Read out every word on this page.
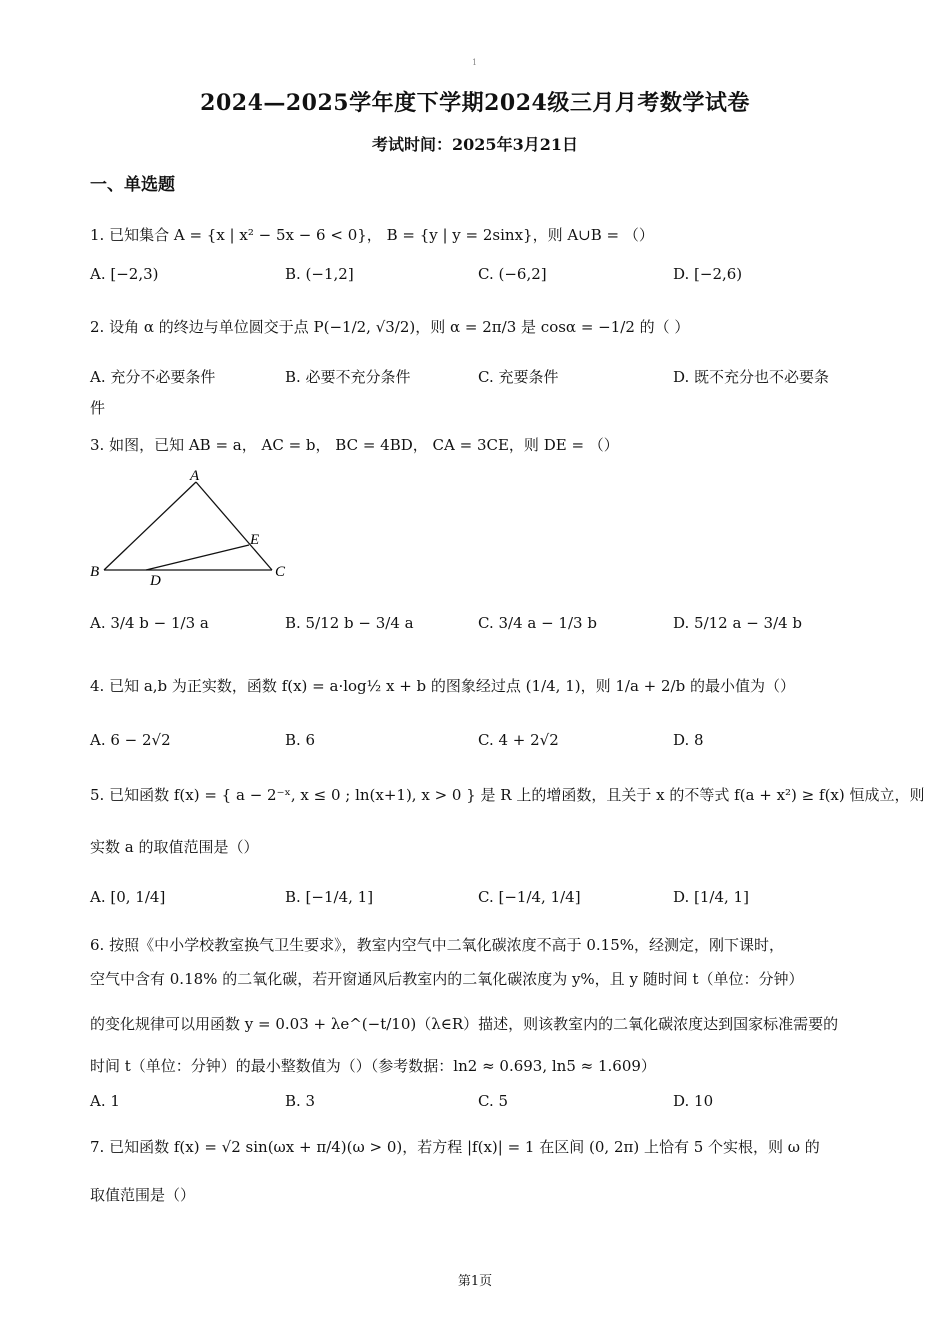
1
2024—2025学年度下学期2024级三月月考数学试卷
考试时间：2025年3月21日
一、单选题
1. 已知集合 A = {x | x² − 5x − 6 < 0}， B = {y | y = 2sinx}，则 A∪B = （）
A. [−2,3)	B. (−1,2]	C. (−6,2]	D. [−2,6)
2. 设角 α 的终边与单位圆交于点 P(−1/2, √3/2)，则 α = 2π/3 是 cosα = −1/2 的（ ）
A. 充分不必要条件	B. 必要不充分条件	C. 充要条件	D. 既不充分也不必要条
件
3. 如图，已知 AB = a， AC = b， BC = 4BD， CA = 3CE，则 DE = （）
A
B	C
D
E
A. 3/4 b − 1/3 a	B. 5/12 b − 3/4 a	C. 3/4 a − 1/3 b	D. 5/12 a − 3/4 b
4. 已知 a,b 为正实数，函数 f(x) = a·log½ x + b 的图象经过点 (1/4, 1)，则 1/a + 2/b 的最小值为（）
A. 6 − 2√2	B. 6	C. 4 + 2√2	D. 8
5. 已知函数 f(x) = { a − 2⁻ˣ, x ≤ 0 ; ln(x+1), x > 0 } 是 R 上的增函数，且关于 x 的不等式 f(a + x²) ≥ f(x) 恒成立，则
实数 a 的取值范围是（）
A. [0, 1/4]	B. [−1/4, 1]	C. [−1/4, 1/4]	D. [1/4, 1]
6. 按照《中小学校教室换气卫生要求》，教室内空气中二氧化碳浓度不高于 0.15%，经测定，刚下课时，
空气中含有 0.18% 的二氧化碳，若开窗通风后教室内的二氧化碳浓度为 y%，且 y 随时间 t（单位：分钟）
的变化规律可以用函数 y = 0.03 + λe^(−t/10)（λ∈R）描述，则该教室内的二氧化碳浓度达到国家标准需要的
时间 t（单位：分钟）的最小整数值为（）（参考数据：ln2 ≈ 0.693, ln5 ≈ 1.609）
A. 1	B. 3	C. 5	D. 10
7. 已知函数 f(x) = √2 sin(ωx + π/4)(ω > 0)，若方程 |f(x)| = 1 在区间 (0, 2π) 上恰有 5 个实根，则 ω 的
取值范围是（）
第1页
